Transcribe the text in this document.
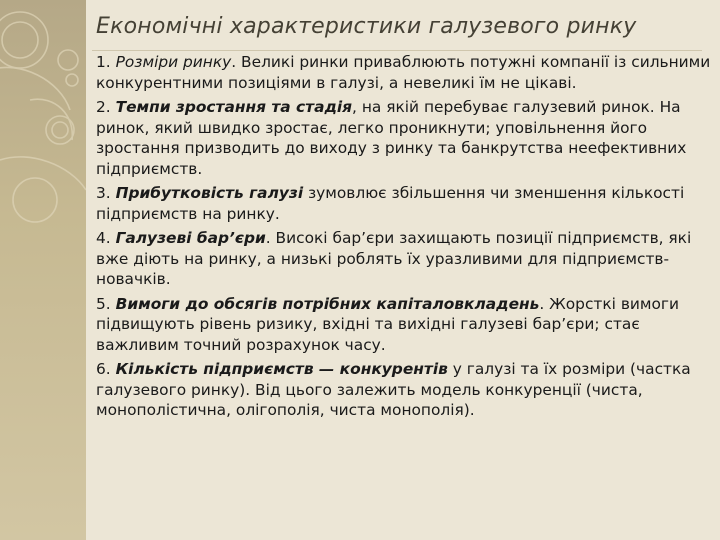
Економічні характеристики галузевого ринку

1. Розміри ринку. Великі ринки приваблюють потужні компанії із сильними конкурентними позиціями в галузі, а невеликі їм не цікаві.

2. Темпи зростання та стадія, на якій перебуває галузевий ринок. На ринок, який швидко зростає, легко проникнути; уповільнення його зростання призводить до виходу з ринку та банкрутства неефективних підприємств.

3. Прибутковість галузі зумовлює збільшення чи зменшення кількості підприємств на ринку.

4. Галузеві бар’єри. Високі бар’єри захищають позиції підприємств, які вже діють на ринку, а низькі роблять їх уразливими для підприємств-новачків.

5. Вимоги до обсягів потрібних капіталовкладень. Жорсткі вимоги підвищують рівень ризику, вхідні та вихідні галузеві бар’єри; стає важливим точний розрахунок часу.

6. Кількість підприємств — конкурентів у галузі та їх розміри (частка галузевого ринку). Від цього залежить модель конкуренції (чиста, монополістична, олігополія, чиста монополія).
